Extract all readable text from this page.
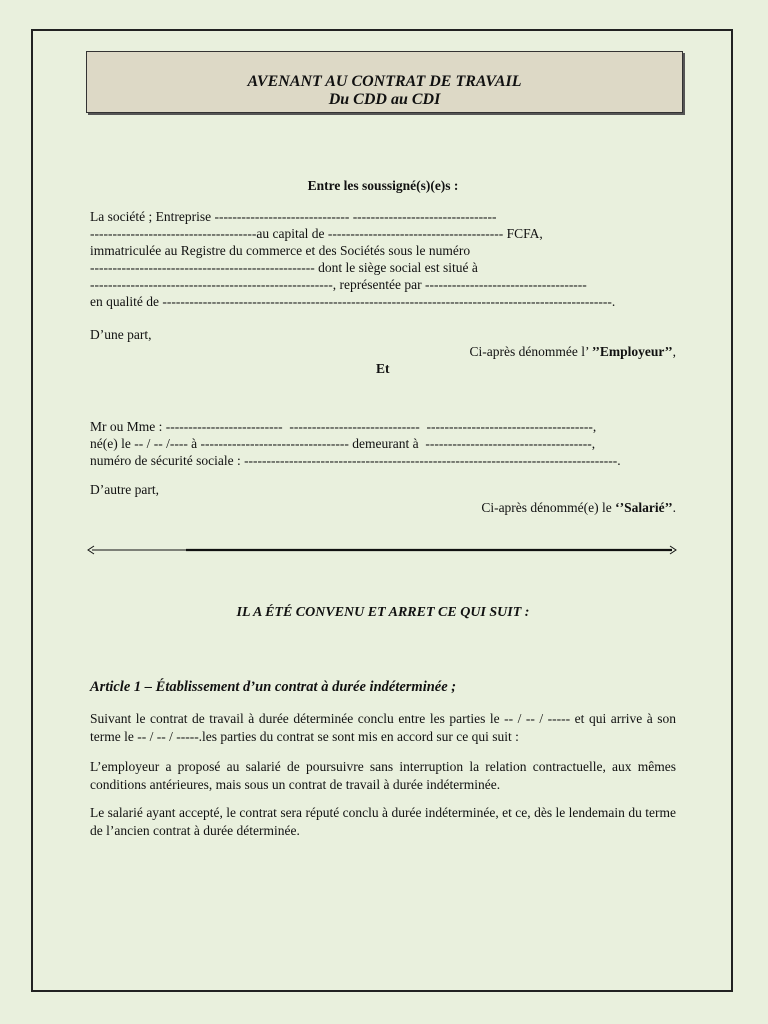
AVENANT AU CONTRAT DE TRAVAIL
Du CDD au CDI
Entre les soussigné(s)(e)s :
La société ; Entreprise ------------------------------ --------------------------------
-------------------------------------au capital de --------------------------------------- FCFA,
immatriculée au Registre du commerce et des Sociétés sous le numéro
-------------------------------------------------- dont le siège social est situé à
------------------------------------------------------, représentée par ------------------------------------
en qualité de ----------------------------------------------------------------------------------------------------.
D’une part,
Ci-après dénommée l’ ’’Employeur’’,
Et
Mr ou Mme : --------------------------  -----------------------------  -------------------------------------,
né(e) le -- / -- /---- à --------------------------------- demeurant à  -------------------------------------,
numéro de sécurité sociale : -----------------------------------------------------------------------------------.
D’autre part,
Ci-après dénommé(e) le ‘’Salarié’’.
IL A ÉTÉ CONVENU ET ARRET CE QUI SUIT :
Article 1 – Établissement d’un contrat à durée indéterminée ;
Suivant le contrat de travail à durée déterminée conclu entre les parties le -- / -- / ----- et qui arrive à son terme le -- / -- / -----.les parties du contrat se sont mis en accord sur ce qui suit :
L’employeur a proposé au salarié de poursuivre sans interruption la relation contractuelle, aux mêmes conditions antérieures, mais sous un contrat de travail à durée indéterminée.
Le salarié ayant accepté, le contrat sera réputé conclu à durée indéterminée, et ce, dès le lendemain du terme de l’ancien contrat à durée déterminée.
